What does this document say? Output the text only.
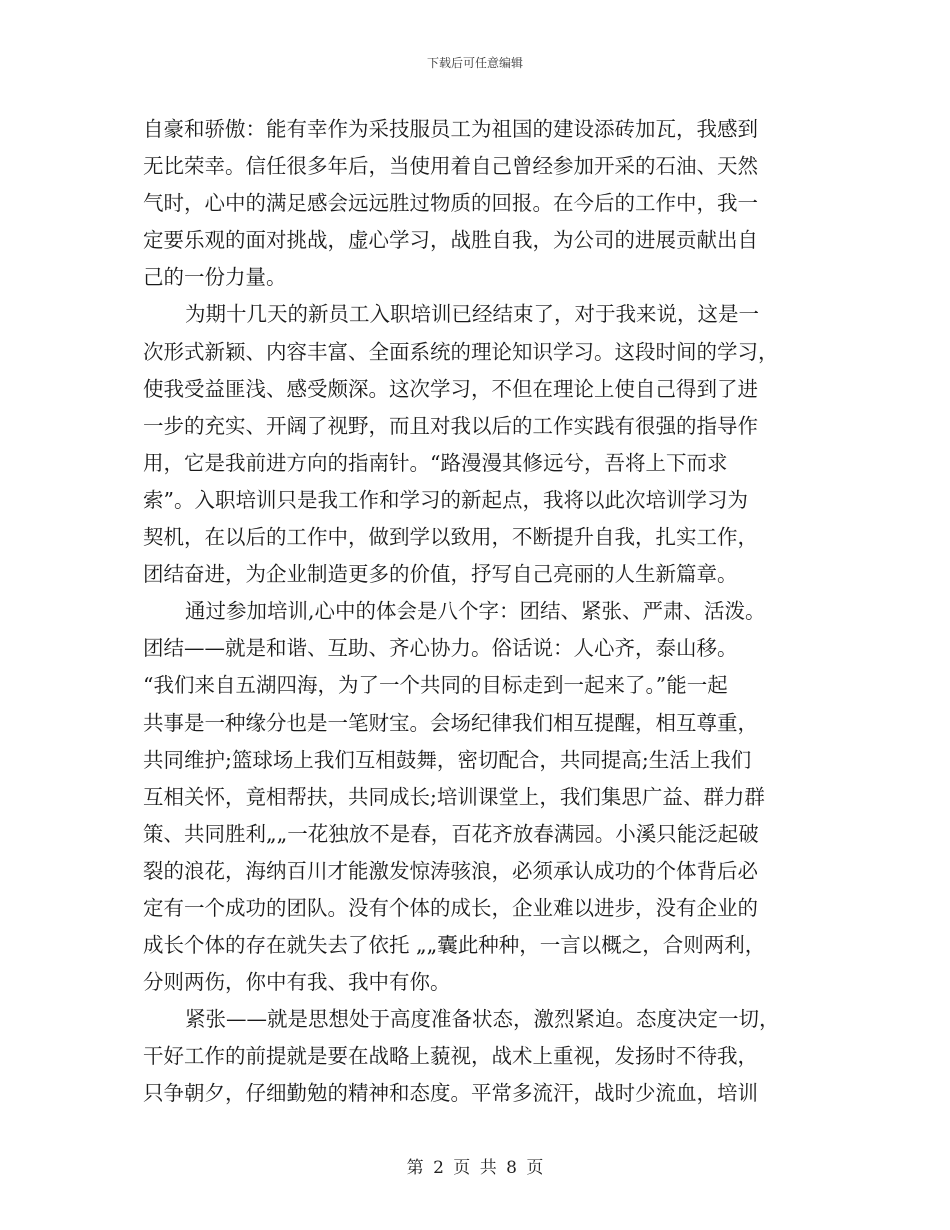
下载后可任意编辑
自豪和骄傲：能有幸作为采技服员工为祖国的建设添砖加瓦，我感到
无比荣幸。信任很多年后，当使用着自己曾经参加开采的石油、天然
气时，心中的满足感会远远胜过物质的回报。在今后的工作中，我一
定要乐观的面对挑战，虚心学习，战胜自我，为公司的进展贡献出自
己的一份力量。
为期十几天的新员工入职培训已经结束了，对于我来说，这是一
次形式新颖、内容丰富、全面系统的理论知识学习。这段时间的学习，
使我受益匪浅、感受颇深。这次学习，不但在理论上使自己得到了进
一步的充实、开阔了视野，而且对我以后的工作实践有很强的指导作
用，它是我前进方向的指南针。“路漫漫其修远兮，吾将上下而求
索”。入职培训只是我工作和学习的新起点，我将以此次培训学习为
契机，在以后的工作中，做到学以致用，不断提升自我，扎实工作，
团结奋进，为企业制造更多的价值，抒写自己亮丽的人生新篇章。
通过参加培训,心中的体会是八个字：团结、紧张、严肃、活泼。
团结——就是和谐、互助、齐心协力。俗话说：人心齐，泰山移。
“我们来自五湖四海，为了一个共同的目标走到一起来了。”能一起
共事是一种缘分也是一笔财宝。会场纪律我们相互提醒，相互尊重，
共同维护;篮球场上我们互相鼓舞，密切配合，共同提高;生活上我们
互相关怀，竟相帮扶，共同成长;培训课堂上，我们集思广益、群力群
策、共同胜利„„一花独放不是春，百花齐放春满园。小溪只能泛起破
裂的浪花，海纳百川才能激发惊涛骇浪，必须承认成功的个体背后必
定有一个成功的团队。没有个体的成长，企业难以进步，没有企业的
成长个体的存在就失去了依托 „„囊此种种，一言以概之，合则两利，
分则两伤，你中有我、我中有你。
紧张——就是思想处于高度准备状态，激烈紧迫。态度决定一切，
干好工作的前提就是要在战略上藐视，战术上重视，发扬时不待我，
只争朝夕，仔细勤勉的精神和态度。平常多流汗，战时少流血，培训
第 2 页 共 8 页
